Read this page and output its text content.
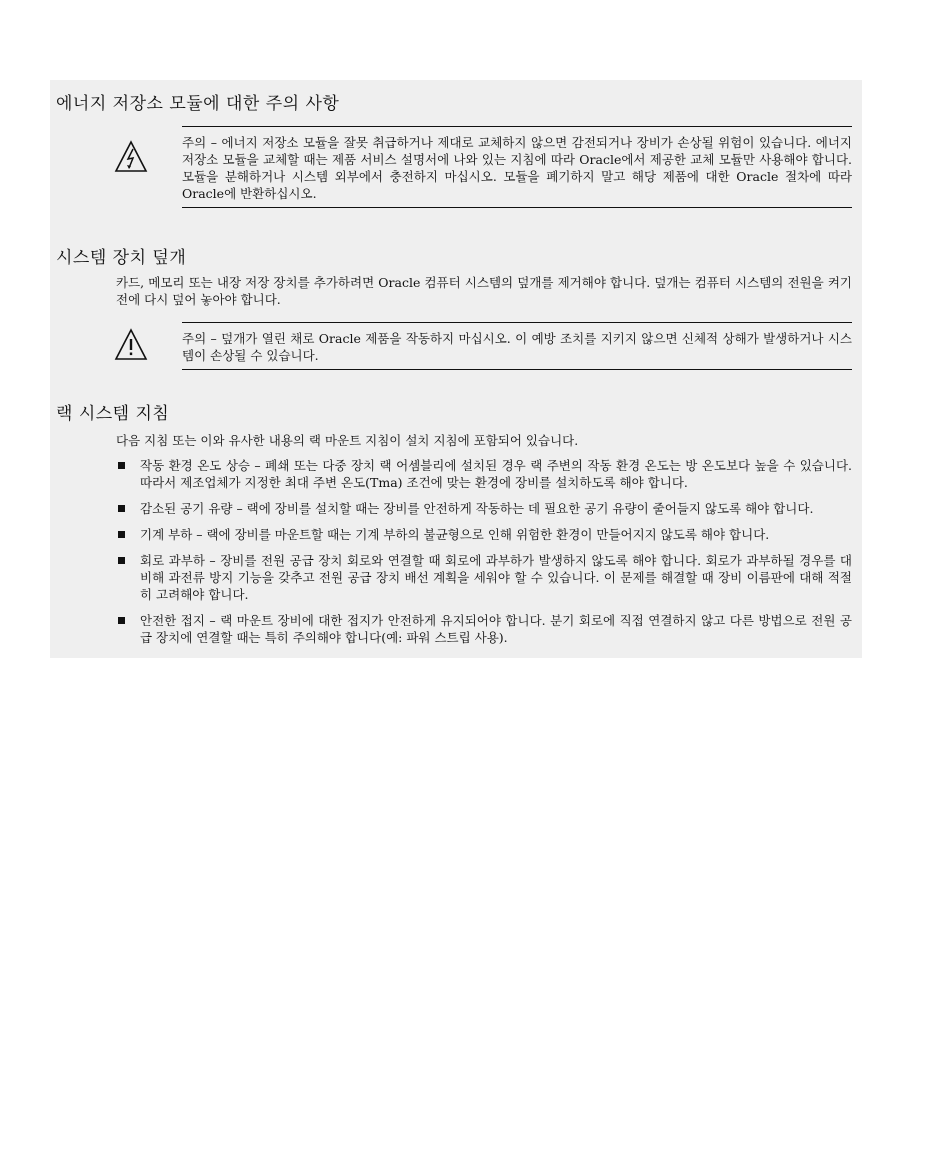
에너지 저장소 모듈에 대한 주의 사항
주의 – 에너지 저장소 모듈을 잘못 취급하거나 제대로 교체하지 않으면 감전되거나 장비가 손상될 위험이 있습니다. 에너지 저장소 모듈을 교체할 때는 제품 서비스 설명서에 나와 있는 지침에 따라 Oracle에서 제공한 교체 모듈만 사용해야 합니다. 모듈을 분해하거나 시스템 외부에서 충전하지 마십시오. 모듈을 폐기하지 말고 해당 제품에 대한 Oracle 절차에 따라 Oracle에 반환하십시오.
시스템 장치 덮개

카드, 메모리 또는 내장 저장 장치를 추가하려면 Oracle 컴퓨터 시스템의 덮개를 제거해야 합니다. 덮개는 컴퓨터 시스템의 전원을 켜기 전에 다시 덮어 놓아야 합니다.

주의 – 덮개가 열린 채로 Oracle 제품을 작동하지 마십시오. 이 예방 조치를 지키지 않으면 신체적 상해가 발생하거나 시스템이 손상될 수 있습니다.
랙 시스템 지침

다음 지침 또는 이와 유사한 내용의 랙 마운트 지침이 설치 지침에 포함되어 있습니다.

작동 환경 온도 상승 – 폐쇄 또는 다중 장치 랙 어셈블리에 설치된 경우 랙 주변의 작동 환경 온도는 방 온도보다 높을 수 있습니다. 따라서 제조업체가 지정한 최대 주변 온도(Tma) 조건에 맞는 환경에 장비를 설치하도록 해야 합니다.
감소된 공기 유량 – 랙에 장비를 설치할 때는 장비를 안전하게 작동하는 데 필요한 공기 유량이 줄어들지 않도록 해야 합니다.
기계 부하 – 랙에 장비를 마운트할 때는 기계 부하의 불균형으로 인해 위험한 환경이 만들어지지 않도록 해야 합니다.
회로 과부하 – 장비를 전원 공급 장치 회로와 연결할 때 회로에 과부하가 발생하지 않도록 해야 합니다. 회로가 과부하될 경우를 대비해 과전류 방지 기능을 갖추고 전원 공급 장치 배선 계획을 세워야 할 수 있습니다. 이 문제를 해결할 때 장비 이름판에 대해 적절히 고려해야 합니다.
안전한 접지 – 랙 마운트 장비에 대한 접지가 안전하게 유지되어야 합니다. 분기 회로에 직접 연결하지 않고 다른 방법으로 전원 공급 장치에 연결할 때는 특히 주의해야 합니다(예: 파워 스트립 사용).
